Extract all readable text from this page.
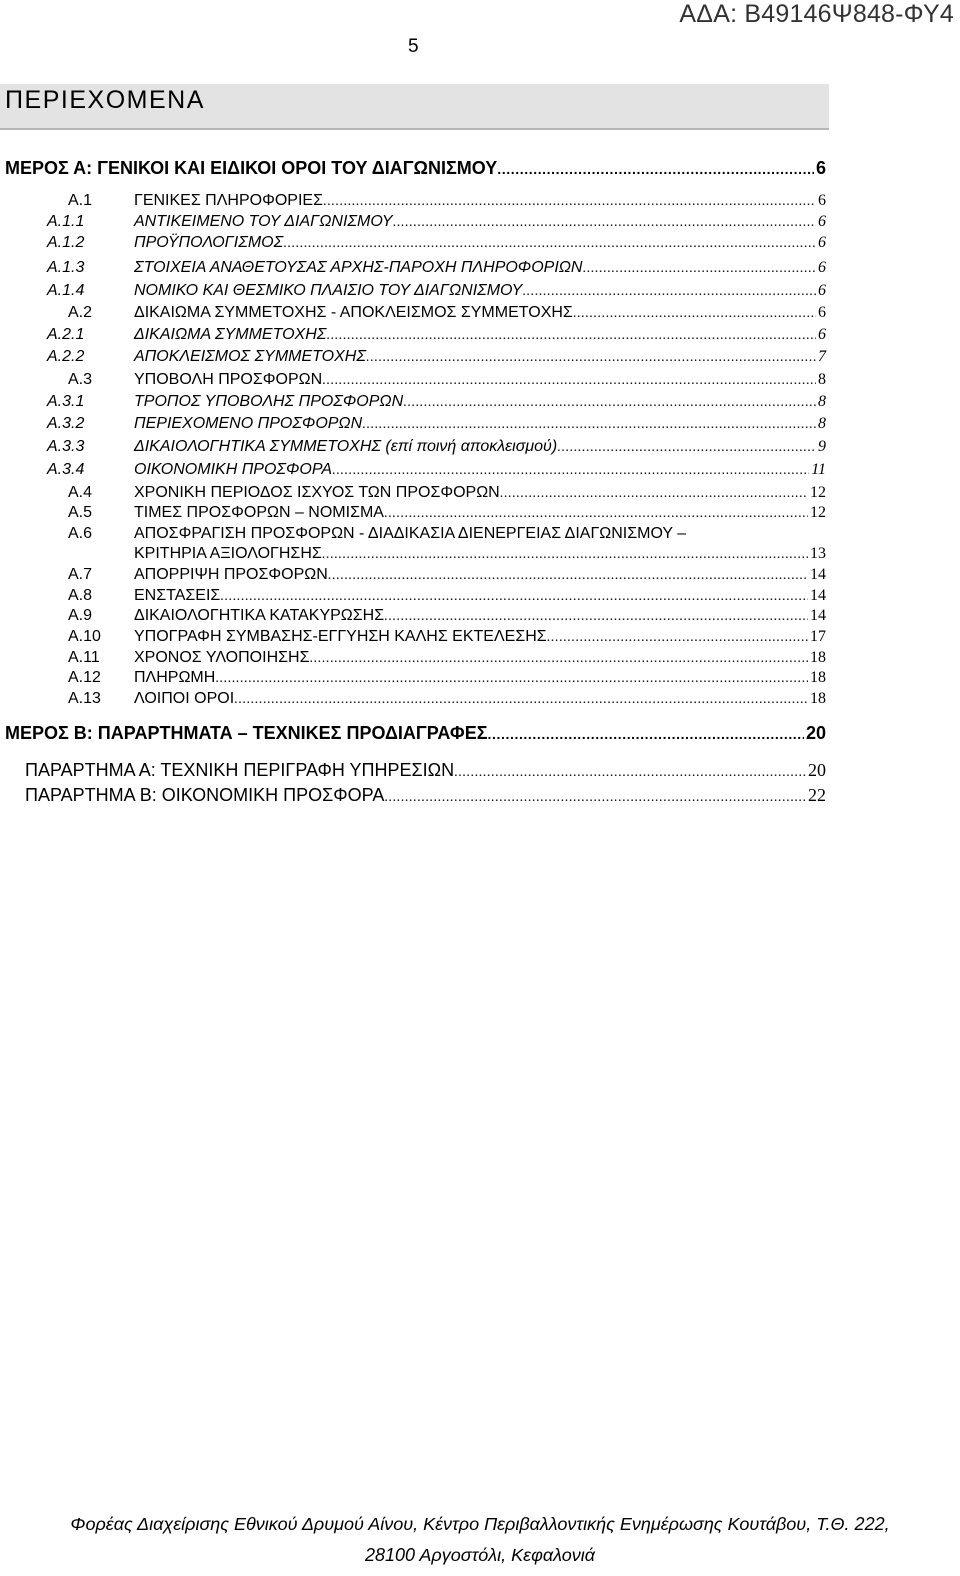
ΑΔΑ: Β49146Ψ848-ΦΥ4
5
ΠΕΡΙΕΧΟΜΕΝΑ
ΜΕΡΟΣ Α: ΓΕΝΙΚΟΙ ΚΑΙ ΕΙΔΙΚΟΙ ΟΡΟΙ ΤΟΥ ΔΙΑΓΩΝΙΣΜΟΥ .....	6
Α.1	ΓΕΝΙΚΕΣ ΠΛΗΡΟΦΟΡΙΕΣ .....	6
Α.1.1	ΑΝΤΙΚΕΙΜΕΝΟ ΤΟΥ ΔΙΑΓΩΝΙΣΜΟΥ .....	6
Α.1.2	ΠΡΟΫΠΟΛΟΓΙΣΜΟΣ .....	6
Α.1.3	ΣΤΟΙΧΕΙΑ ΑΝΑΘΕΤΟΥΣΑΣ ΑΡΧΗΣ-ΠΑΡΟΧΗ ΠΛΗΡΟΦΟΡΙΩΝ .....	6
Α.1.4	ΝΟΜΙΚΟ ΚΑΙ ΘΕΣΜΙΚΟ ΠΛΑΙΣΙΟ ΤΟΥ ΔΙΑΓΩΝΙΣΜΟΥ .....	6
Α.2	ΔΙΚΑΙΩΜΑ ΣΥΜΜΕΤΟΧΗΣ - ΑΠΟΚΛΕΙΣΜΟΣ ΣΥΜΜΕΤΟΧΗΣ .....	6
Α.2.1	ΔΙΚΑΙΩΜΑ ΣΥΜΜΕΤΟΧΗΣ .....	6
Α.2.2	ΑΠΟΚΛΕΙΣΜΟΣ ΣΥΜΜΕΤΟΧΗΣ .....	7
Α.3	ΥΠΟΒΟΛΗ ΠΡΟΣΦΟΡΩΝ .....	8
Α.3.1	ΤΡΟΠΟΣ ΥΠΟΒΟΛΗΣ ΠΡΟΣΦΟΡΩΝ .....	8
Α.3.2	ΠΕΡΙΕΧΟΜΕΝΟ ΠΡΟΣΦΟΡΩΝ .....	8
Α.3.3	ΔΙΚΑΙΟΛΟΓΗΤΙΚΑ ΣΥΜΜΕΤΟΧΗΣ (επί ποινή αποκλεισμού) .....	9
Α.3.4	ΟΙΚΟΝΟΜΙΚΗ ΠΡΟΣΦΟΡΑ .....	11
Α.4	ΧΡΟΝΙΚΗ ΠΕΡΙΟΔΟΣ ΙΣΧΥΟΣ ΤΩΝ ΠΡΟΣΦΟΡΩΝ .....	12
Α.5	ΤΙΜΕΣ ΠΡΟΣΦΟΡΩΝ – ΝΟΜΙΣΜΑ .....	12
Α.6	ΑΠΟΣΦΡΑΓΙΣΗ ΠΡΟΣΦΟΡΩΝ - ΔΙΑΔΙΚΑΣΙΑ ΔΙΕΝΕΡΓΕΙΑΣ ΔΙΑΓΩΝΙΣΜΟΥ –
ΚΡΙΤΗΡΙΑ ΑΞΙΟΛΟΓΗΣΗΣ .....	13
Α.7	ΑΠΟΡΡΙΨΗ ΠΡΟΣΦΟΡΩΝ .....	14
Α.8	ΕΝΣΤΑΣΕΙΣ .....	14
Α.9	ΔΙΚΑΙΟΛΟΓΗΤΙΚΑ ΚΑΤΑΚΥΡΩΣΗΣ .....	14
Α.10	ΥΠΟΓΡΑΦΗ ΣΥΜΒΑΣΗΣ-ΕΓΓΥΗΣΗ ΚΑΛΗΣ ΕΚΤΕΛΕΣΗΣ .....	17
Α.11	ΧΡΟΝΟΣ ΥΛΟΠΟΙΗΣΗΣ .....	18
Α.12	ΠΛΗΡΩΜΗ .....	18
Α.13	ΛΟΙΠΟΙ ΟΡΟΙ .....	18
ΜΕΡΟΣ Β: ΠΑΡΑΡΤΗΜΑΤΑ – ΤΕΧΝΙΚΕΣ ΠΡΟΔΙΑΓΡΑΦΕΣ .....	20
ΠΑΡΑΡΤΗΜΑ Α: ΤΕΧΝΙΚΗ ΠΕΡΙΓΡΑΦΗ ΥΠΗΡΕΣΙΩΝ .....	20
ΠΑΡΑΡΤΗΜΑ Β: ΟΙΚΟΝΟΜΙΚΗ ΠΡΟΣΦΟΡΑ .....	22
Φορέας Διαχείρισης Εθνικού Δρυμού Αίνου, Κέντρο Περιβαλλοντικής Ενημέρωσης Κουτάβου, Τ.Θ. 222,
28100 Αργοστόλι, Κεφαλονιά
